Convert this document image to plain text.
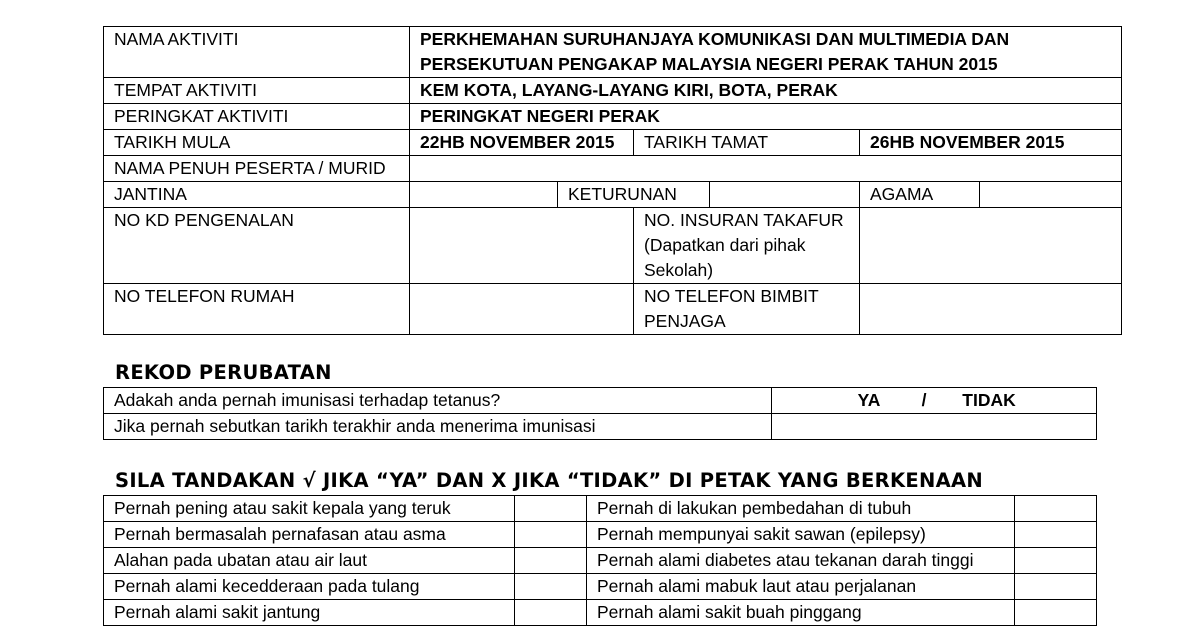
NAMA AKTIVITI	PERKHEMAHAN SURUHANJAYA KOMUNIKASI DAN MULTIMEDIA DAN PERSEKUTUAN PENGAKAP MALAYSIA NEGERI PERAK TAHUN 2015					
TEMPAT AKTIVITI	KEM KOTA, LAYANG-LAYANG KIRI, BOTA, PERAK					
PERINGKAT AKTIVITI	PERINGKAT NEGERI PERAK					
TARIKH MULA	22HB NOVEMBER 2015		TARIKH TAMAT		26HB NOVEMBER 2015	
NAMA PENUH PESERTA / MURID						
JANTINA		KETURUNAN			AGAMA	
NO KD PENGENALAN			NO. INSURAN TAKAFUR (Dapatkan dari pihak Sekolah)			
NO TELEFON RUMAH			NO TELEFON BIMBIT PENJAGA			
REKOD PERUBATAN
Adakah anda pernah imunisasi terhadap tetanus?	YA / TIDAK
Jika pernah sebutkan tarikh terakhir anda menerima imunisasi	
SILA TANDAKAN √ JIKA “YA” DAN X JIKA “TIDAK” DI PETAK YANG BERKENAAN
Pernah pening atau sakit kepala yang teruk		Pernah di lakukan pembedahan di tubuh	
Pernah bermasalah pernafasan atau asma		Pernah mempunyai sakit sawan (epilepsy)	
Alahan pada ubatan atau air laut		Pernah alami diabetes atau tekanan darah tinggi	
Pernah alami kecedderaan pada tulang		Pernah alami mabuk laut atau perjalanan	
Pernah alami sakit jantung		Pernah alami sakit buah pinggang	
